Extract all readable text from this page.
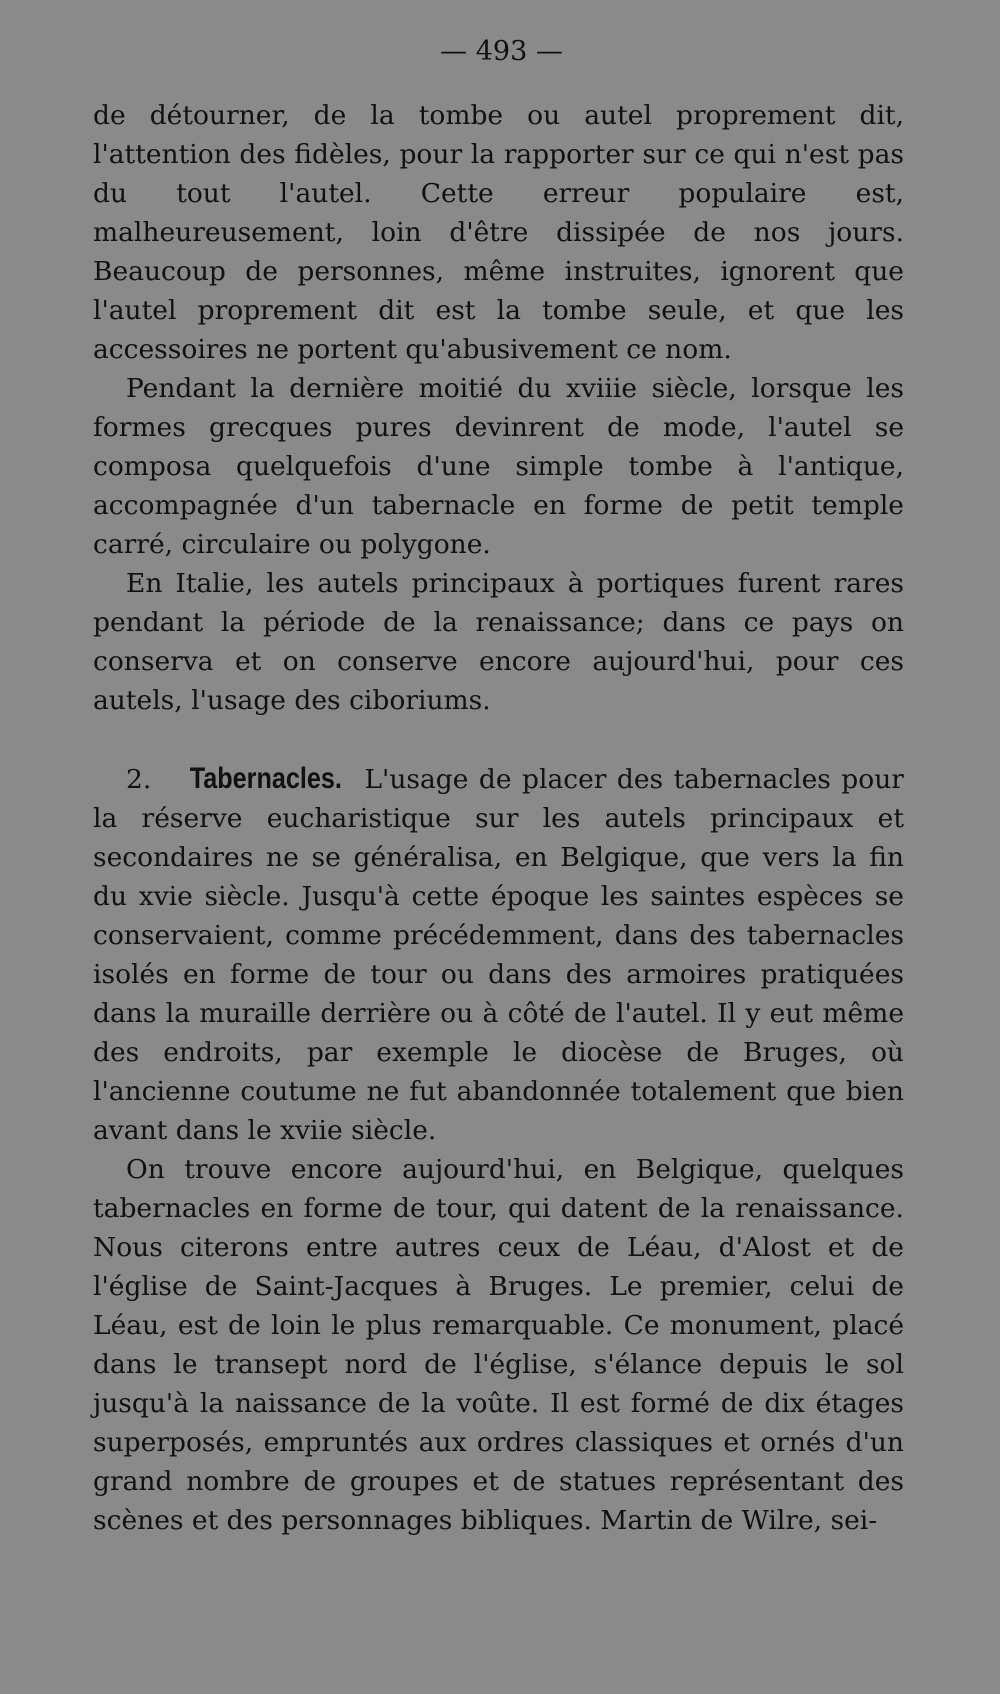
— 493 —

de détourner, de la tombe ou autel proprement dit, l'attention des fidèles, pour la rapporter sur ce qui n'est pas du tout l'autel. Cette erreur populaire est, malheureusement, loin d'être dissipée de nos jours. Beaucoup de personnes, même instruites, ignorent que l'autel proprement dit est la tombe seule, et que les accessoires ne portent qu'abusivement ce nom.

Pendant la dernière moitié du xviiie siècle, lorsque les formes grecques pures devinrent de mode, l'autel se composa quelquefois d'une simple tombe à l'antique, accompagnée d'un tabernacle en forme de petit temple carré, circulaire ou polygone.

En Italie, les autels principaux à portiques furent rares pendant la période de la renaissance; dans ce pays on conserva et on conserve encore aujourd'hui, pour ces autels, l'usage des ciboriums.

2. Tabernacles. L'usage de placer des tabernacles pour la réserve eucharistique sur les autels principaux et secondaires ne se généralisa, en Belgique, que vers la fin du xvie siècle. Jusqu'à cette époque les saintes espèces se conservaient, comme précédemment, dans des tabernacles isolés en forme de tour ou dans des armoires pratiquées dans la muraille derrière ou à côté de l'autel. Il y eut même des endroits, par exemple le diocèse de Bruges, où l'ancienne coutume ne fut abandonnée totalement que bien avant dans le xviie siècle.

On trouve encore aujourd'hui, en Belgique, quelques tabernacles en forme de tour, qui datent de la renaissance. Nous citerons entre autres ceux de Léau, d'Alost et de l'église de Saint-Jacques à Bruges. Le premier, celui de Léau, est de loin le plus remarquable. Ce monument, placé dans le transept nord de l'église, s'élance depuis le sol jusqu'à la naissance de la voûte. Il est formé de dix étages superposés, empruntés aux ordres classiques et ornés d'un grand nombre de groupes et de statues représentant des scènes et des personnages bibliques. Martin de Wilre, sei-
